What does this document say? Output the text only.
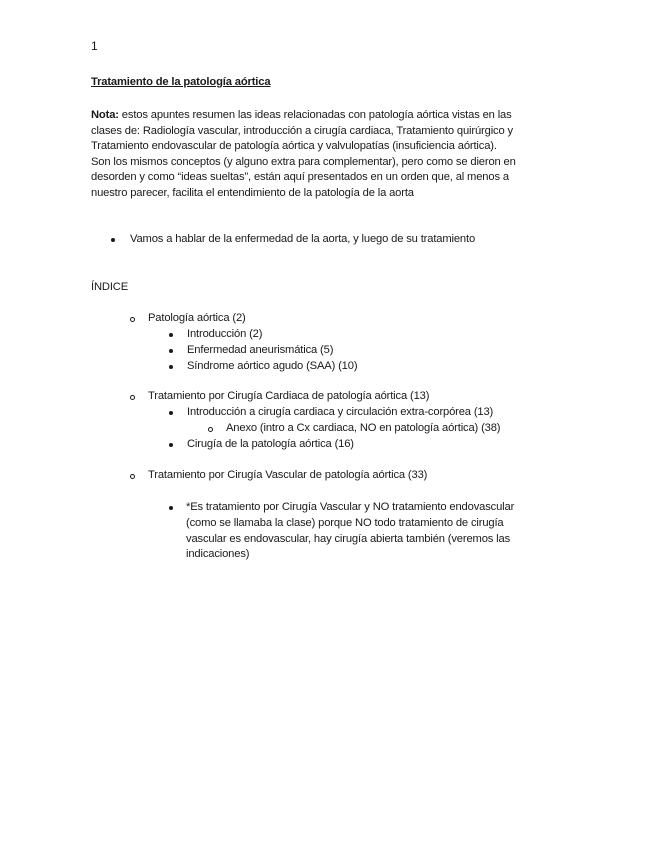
1
Tratamiento de la patología aórtica
Nota: estos apuntes resumen las ideas relacionadas con patología aórtica vistas en las
clases de: Radiología vascular, introducción a cirugía cardiaca, Tratamiento quirúrgico y
Tratamiento endovascular de patología aórtica y valvulopatías (insuficiencia aórtica).
Son los mismos conceptos (y alguno extra para complementar), pero como se dieron en
desorden y como “ideas sueltas”, están aquí presentados en un orden que, al menos a
nuestro parecer, facilita el entendimiento de la patología de la aorta
Vamos a hablar de la enfermedad de la aorta, y luego de su tratamiento
ÍNDICE
Patología aórtica (2)
Introducción (2)
Enfermedad aneurismática (5)
Síndrome aórtico agudo (SAA) (10)
Tratamiento por Cirugía Cardiaca de patología aórtica (13)
Introducción a cirugía cardiaca y circulación extra-corpórea (13)
Anexo (intro a Cx cardiaca, NO en patología aórtica) (38)
Cirugía de la patología aórtica (16)
Tratamiento por Cirugía Vascular de patología aórtica (33)
*Es tratamiento por Cirugía Vascular y NO tratamiento endovascular
(como se llamaba la clase) porque NO todo tratamiento de cirugía
vascular es endovascular, hay cirugía abierta también (veremos las
indicaciones)
